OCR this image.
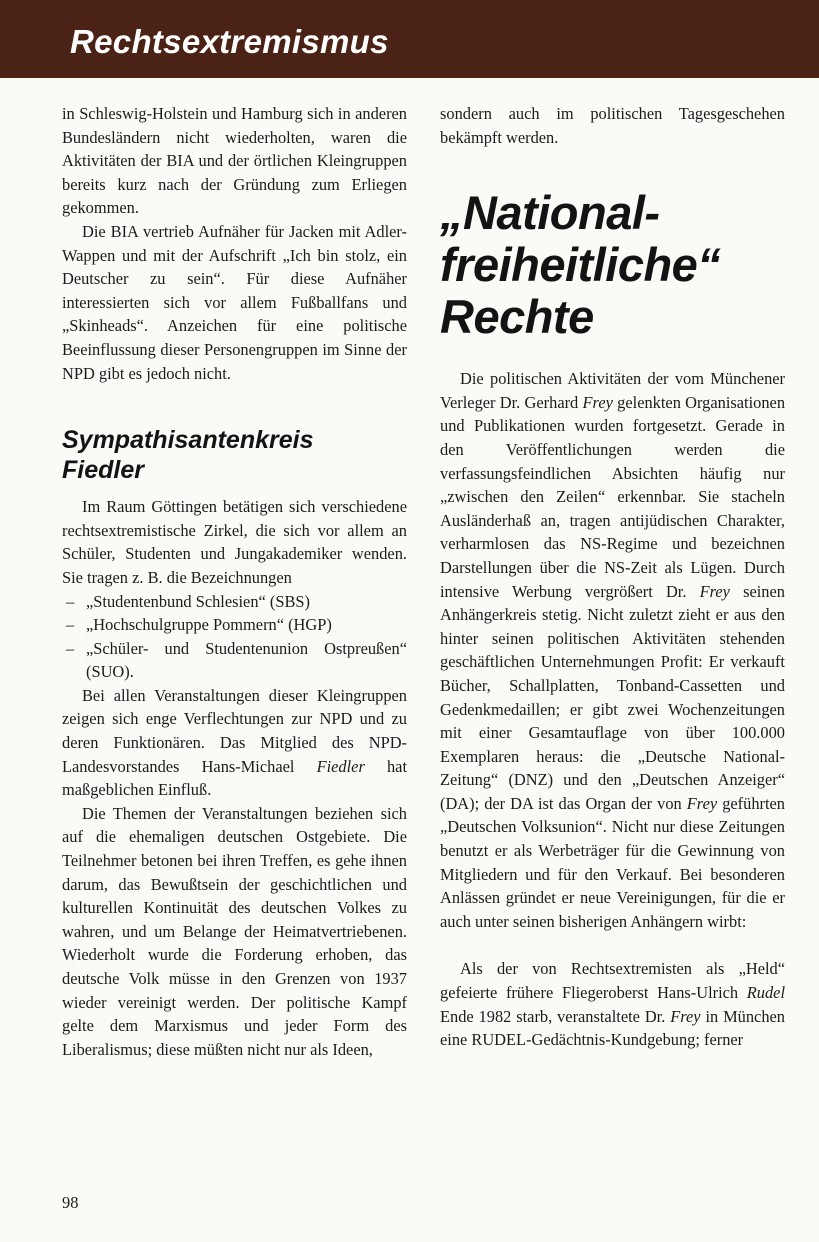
Rechtsextremismus

in Schleswig-Holstein und Hamburg sich in anderen Bundesländern nicht wiederholten, waren die Aktivitäten der BIA und der örtlichen Kleingruppen bereits kurz nach der Gründung zum Erliegen gekommen.

Die BIA vertrieb Aufnäher für Jacken mit Adler-Wappen und mit der Aufschrift „Ich bin stolz, ein Deutscher zu sein“. Für diese Aufnäher interessierten sich vor allem Fußballfans und „Skinheads“. Anzeichen für eine politische Beeinflussung dieser Personengruppen im Sinne der NPD gibt es jedoch nicht.

Sympathisantenkreis
Fiedler

Im Raum Göttingen betätigen sich verschiedene rechtsextremistische Zirkel, die sich vor allem an Schüler, Studenten und Jungakademiker wenden. Sie tragen z. B. die Bezeichnungen

– „Studentenbund Schlesien“ (SBS)
– „Hochschulgruppe Pommern“ (HGP)
– „Schüler- und Studentenunion Ostpreußen“ (SUO).

Bei allen Veranstaltungen dieser Kleingruppen zeigen sich enge Verflechtungen zur NPD und zu deren Funktionären. Das Mitglied des NPD-Landesvorstandes Hans-Michael Fiedler hat maßgeblichen Einfluß.

Die Themen der Veranstaltungen beziehen sich auf die ehemaligen deutschen Ostgebiete. Die Teilnehmer betonen bei ihren Treffen, es gehe ihnen darum, das Bewußtsein der geschichtlichen und kulturellen Kontinuität des deutschen Volkes zu wahren, und um Belange der Heimatvertriebenen. Wiederholt wurde die Forderung erhoben, das deutsche Volk müsse in den Grenzen von 1937 wieder vereinigt werden. Der politische Kampf gelte dem Marxismus und jeder Form des Liberalismus; diese müßten nicht nur als Ideen,

sondern auch im politischen Tagesgeschehen bekämpft werden.

„National-
freiheitliche“
Rechte

Die politischen Aktivitäten der vom Münchener Verleger Dr. Gerhard Frey gelenkten Organisationen und Publikationen wurden fortgesetzt. Gerade in den Veröffentlichungen werden die verfassungsfeindlichen Absichten häufig nur „zwischen den Zeilen“ erkennbar. Sie stacheln Ausländerhaß an, tragen antijüdischen Charakter, verharmlosen das NS-Regime und bezeichnen Darstellungen über die NS-Zeit als Lügen. Durch intensive Werbung vergrößert Dr. Frey seinen Anhängerkreis stetig. Nicht zuletzt zieht er aus den hinter seinen politischen Aktivitäten stehenden geschäftlichen Unternehmungen Profit: Er verkauft Bücher, Schallplatten, Tonband-Cassetten und Gedenkmedaillen; er gibt zwei Wochenzeitungen mit einer Gesamtauflage von über 100.000 Exemplaren heraus: die „Deutsche National-Zeitung“ (DNZ) und den „Deutschen Anzeiger“ (DA); der DA ist das Organ der von Frey geführten „Deutschen Volksunion“. Nicht nur diese Zeitungen benutzt er als Werbeträger für die Gewinnung von Mitgliedern und für den Verkauf. Bei besonderen Anlässen gründet er neue Vereinigungen, für die er auch unter seinen bisherigen Anhängern wirbt:

Als der von Rechtsextremisten als „Held“ gefeierte frühere Fliegeroberst Hans-Ulrich Rudel Ende 1982 starb, veranstaltete Dr. Frey in München eine RUDEL-Gedächtnis-Kundgebung; ferner

98
